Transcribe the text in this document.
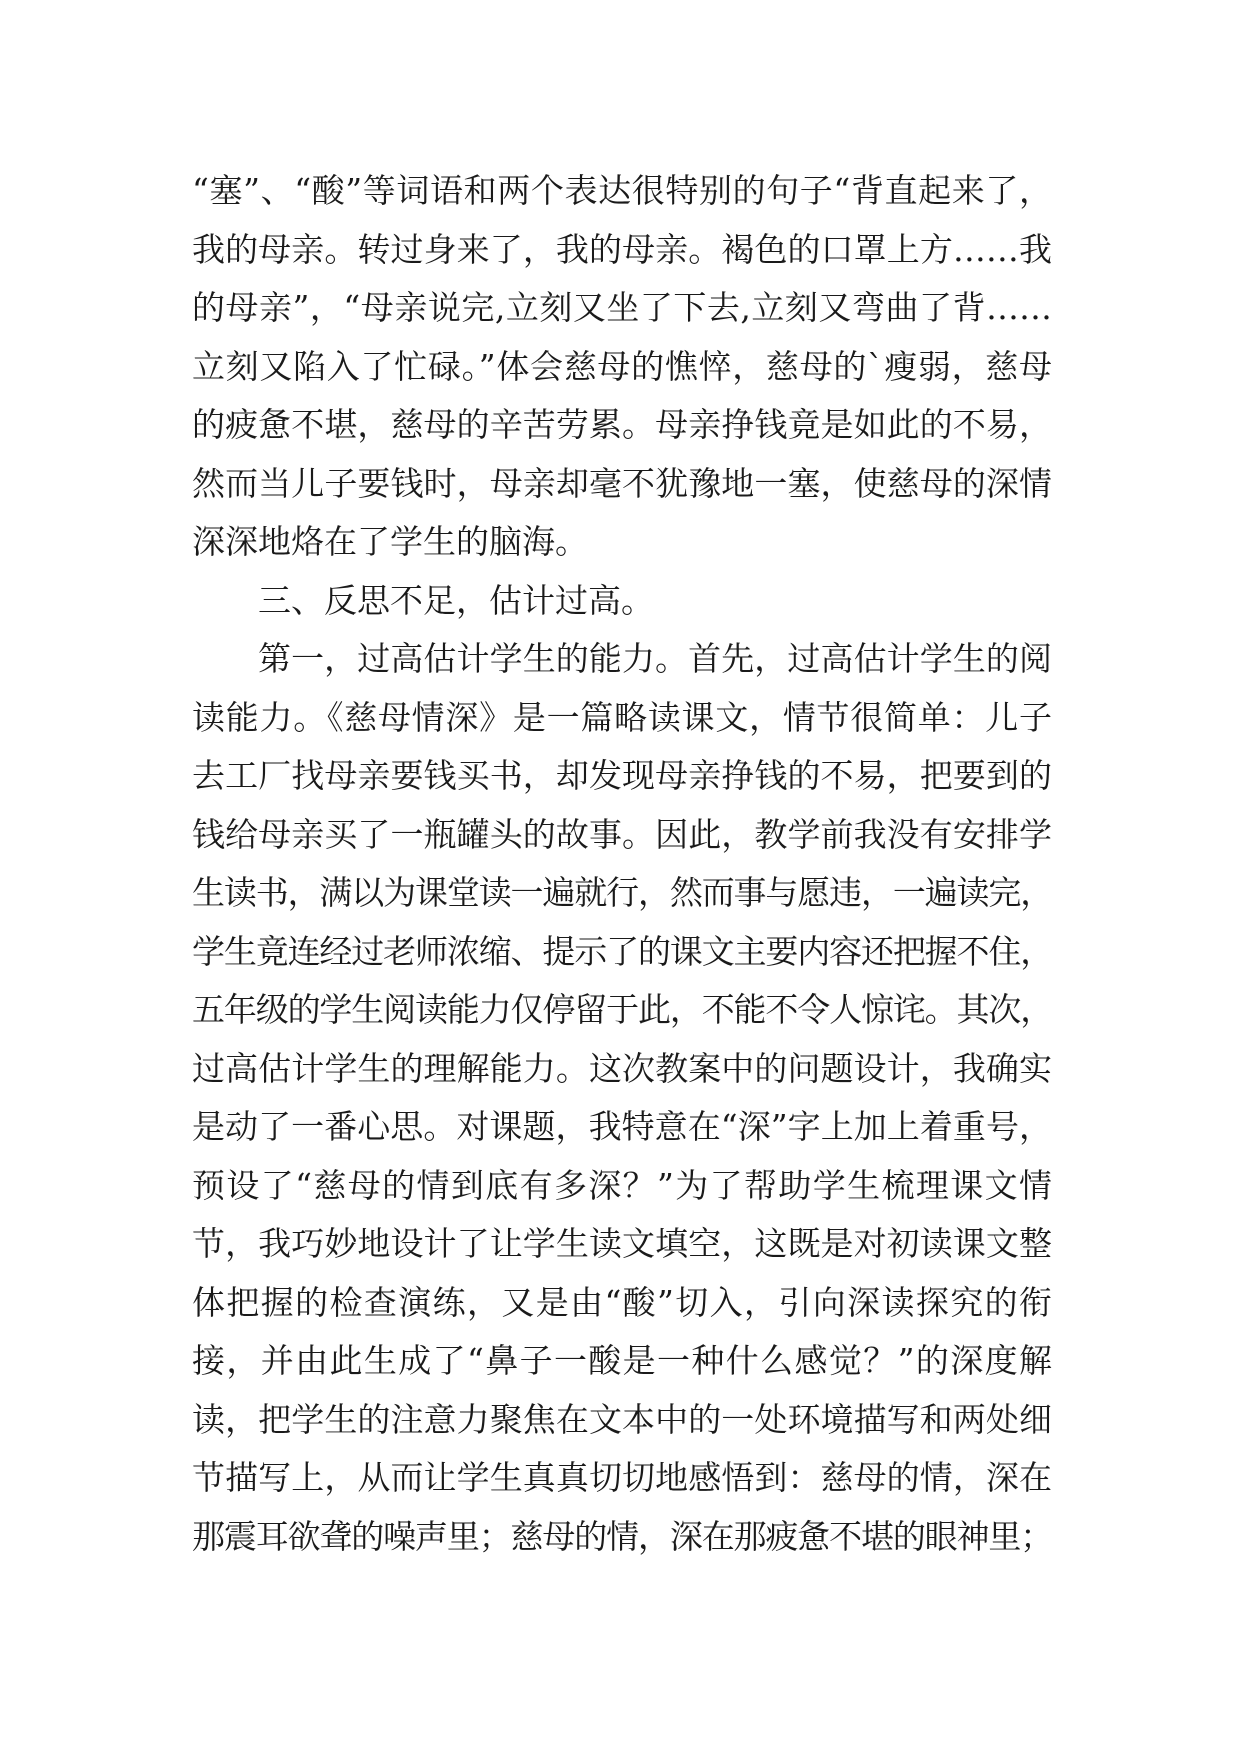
“塞”、“酸”等词语和两个表达很特别的句子“背直起来了，
我的母亲。转过身来了，我的母亲。褐色的口罩上方……我
的母亲”，“母亲说完,立刻又坐了下去,立刻又弯曲了背……
立刻又陷入了忙碌。”体会慈母的憔悴，慈母的`瘦弱，慈母
的疲惫不堪，慈母的辛苦劳累。母亲挣钱竟是如此的不易，
然而当儿子要钱时，母亲却毫不犹豫地一塞，使慈母的深情
深深地烙在了学生的脑海。
三、反思不足，估计过高。
第一，过高估计学生的能力。首先，过高估计学生的阅
读能力。《慈母情深》是一篇略读课文，情节很简单：儿子
去工厂找母亲要钱买书，却发现母亲挣钱的不易，把要到的
钱给母亲买了一瓶罐头的故事。因此，教学前我没有安排学
生读书，满以为课堂读一遍就行，然而事与愿违，一遍读完，
学生竟连经过老师浓缩、提示了的课文主要内容还把握不住，
五年级的学生阅读能力仅停留于此，不能不令人惊诧。其次，
过高估计学生的理解能力。这次教案中的问题设计，我确实
是动了一番心思。对课题，我特意在“深”字上加上着重号，
预设了“慈母的情到底有多深？”为了帮助学生梳理课文情
节，我巧妙地设计了让学生读文填空，这既是对初读课文整
体把握的检查演练，又是由“酸”切入，引向深读探究的衔
接，并由此生成了“鼻子一酸是一种什么感觉？”的深度解
读，把学生的注意力聚焦在文本中的一处环境描写和两处细
节描写上，从而让学生真真切切地感悟到：慈母的情，深在
那震耳欲聋的噪声里；慈母的情，深在那疲惫不堪的眼神里；
